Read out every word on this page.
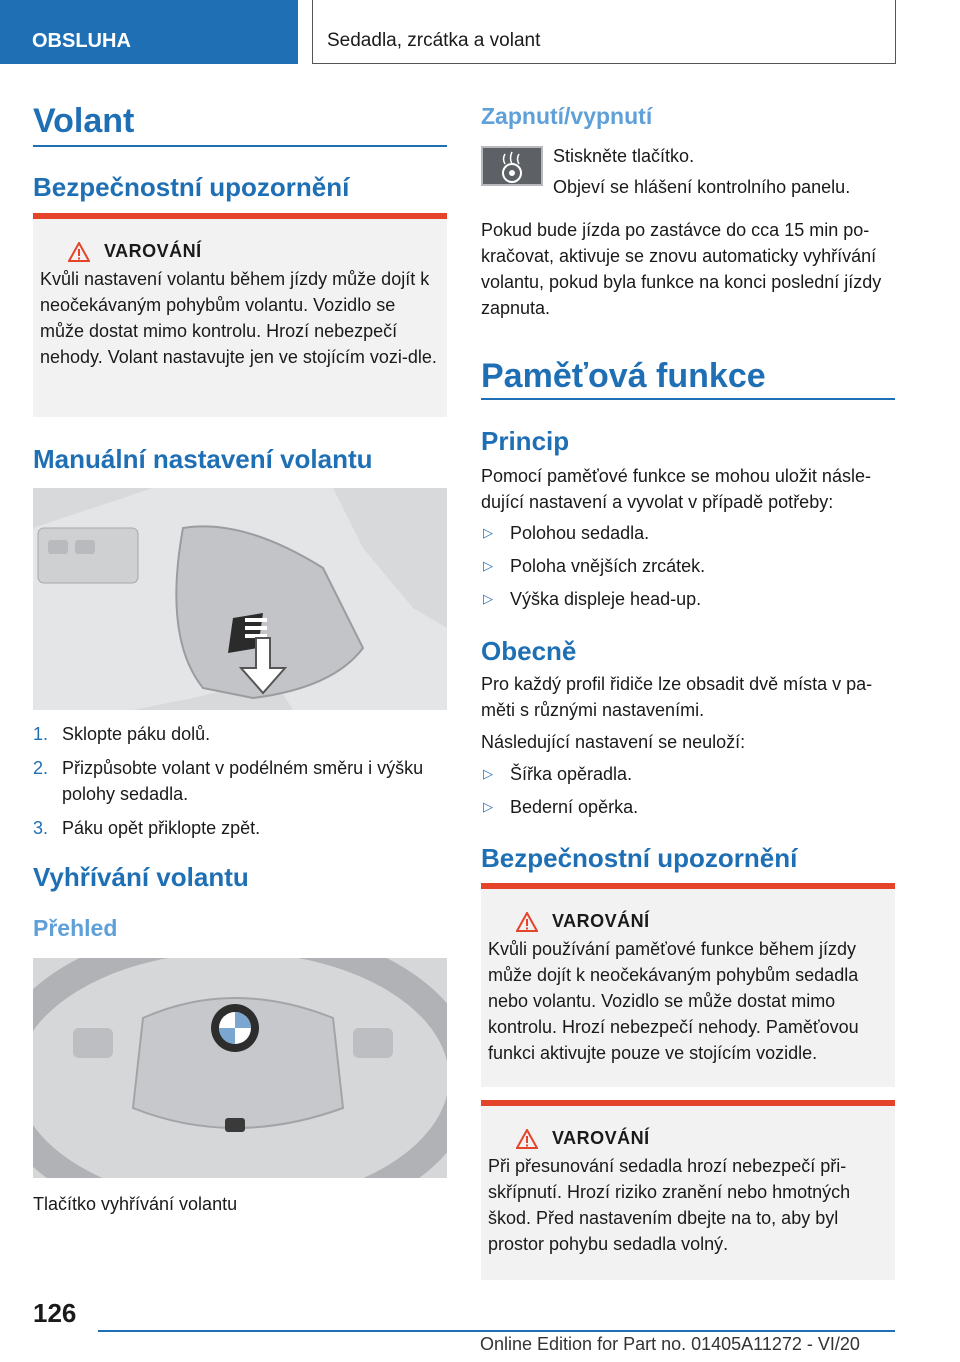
OBSLUHA	Sedadla, zrcátka a volant
Volant
Bezpečnostní upozornění
VAROVÁNÍ

Kvůli nastavení volantu během jízdy může dojít k neočekávaným pohybům volantu. Vozidlo se může dostat mimo kontrolu. Hrozí nebezpečí nehody. Volant nastavujte jen ve stojícím vozi-dle.

Manuální nastavení volantu
1. Sklopte páku dolů.
2. Přizpůsobte volant v podélném směru i výšku polohy sedadla.
3. Páku opět přiklopte zpět.
Vyhřívání volantu
Přehled

Tlačítko vyhřívání volantu

Zapnutí/vypnutí

Stiskněte tlačítko.

Objeví se hlášení kontrolního panelu.

Pokud bude jízda po zastávce do cca 15 min po-kračovat, aktivuje se znovu automaticky vyhřívání volantu, pokud byla funkce na konci poslední jízdy zapnuta.

Paměťová funkce
Princip

Pomocí paměťové funkce se mohou uložit násle-dující nastavení a vyvolat v případě potřeby:

▷ Polohou sedadla.
▷ Poloha vnějších zrcátek.
▷ Výška displeje head-up.
Obecně

Pro každý profil řidiče lze obsadit dvě místa v pa-měti s různými nastaveními.

Následující nastavení se neuloží:

▷ Šířka opěradla.
▷ Bederní opěrka.
Bezpečnostní upozornění
VAROVÁNÍ

Kvůli používání paměťové funkce během jízdy může dojít k neočekávaným pohybům sedadla nebo volantu. Vozidlo se může dostat mimo kontrolu. Hrozí nebezpečí nehody. Paměťovou funkci aktivujte pouze ve stojícím vozidle.

VAROVÁNÍ

Při přesunování sedadla hrozí nebezpečí při-skřípnutí. Hrozí riziko zranění nebo hmotných škod. Před nastavením dbejte na to, aby byl prostor pohybu sedadla volný.

126
Online Edition for Part no. 01405A11272 - VI/20
